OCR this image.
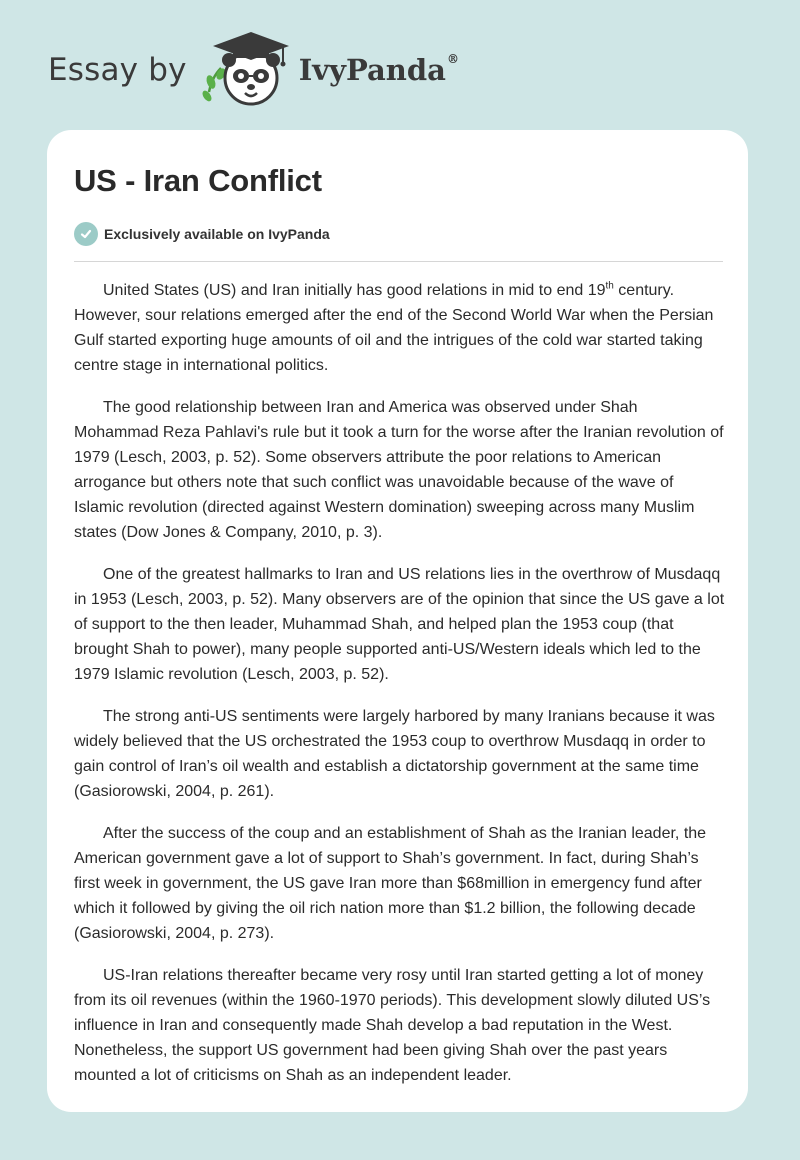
Essay by	IvyPanda®
US - Iran Conflict
Exclusively available on IvyPanda

United States (US) and Iran initially has good relations in mid to end 19th century. However, sour relations emerged after the end of the Second World War when the Persian Gulf started exporting huge amounts of oil and the intrigues of the cold war started taking centre stage in international politics.

The good relationship between Iran and America was observed under Shah Mohammad Reza Pahlavi's rule but it took a turn for the worse after the Iranian revolution of 1979 (Lesch, 2003, p. 52). Some observers attribute the poor relations to American arrogance but others note that such conflict was unavoidable because of the wave of Islamic revolution (directed against Western domination) sweeping across many Muslim states (Dow Jones & Company, 2010, p. 3).

One of the greatest hallmarks to Iran and US relations lies in the overthrow of Musdaqq in 1953 (Lesch, 2003, p. 52). Many observers are of the opinion that since the US gave a lot of support to the then leader, Muhammad Shah, and helped plan the 1953 coup (that brought Shah to power), many people supported anti-US/Western ideals which led to the 1979 Islamic revolution (Lesch, 2003, p. 52).

The strong anti-US sentiments were largely harbored by many Iranians because it was widely believed that the US orchestrated the 1953 coup to overthrow Musdaqq in order to gain control of Iran’s oil wealth and establish a dictatorship government at the same time (Gasiorowski, 2004, p. 261).

After the success of the coup and an establishment of Shah as the Iranian leader, the American government gave a lot of support to Shah’s government. In fact, during Shah’s first week in government, the US gave Iran more than $68million in emergency fund after which it followed by giving the oil rich nation more than $1.2 billion, the following decade (Gasiorowski, 2004, p. 273).

US-Iran relations thereafter became very rosy until Iran started getting a lot of money from its oil revenues (within the 1960-1970 periods). This development slowly diluted US’s influence in Iran and consequently made Shah develop a bad reputation in the West. Nonetheless, the support US government had been giving Shah over the past years mounted a lot of criticisms on Shah as an independent leader.
